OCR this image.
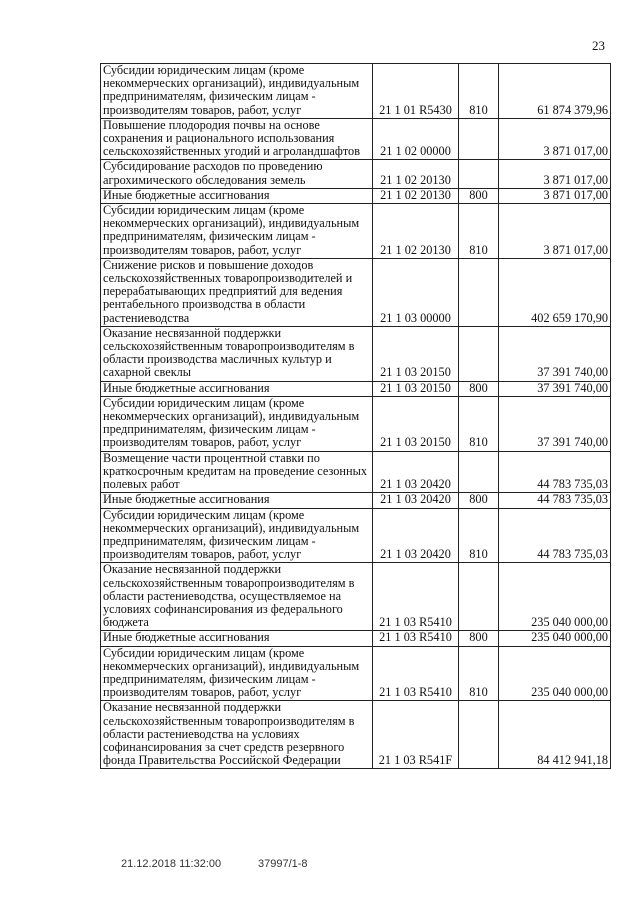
23
Субсидии юридическим лицам (кроме некоммерческих организаций), индивидуальным предпринимателям, физическим лицам - производителям товаров, работ, услуг	21 1 01 R5430	810	61 874 379,96
Повышение плодородия почвы на основе сохранения и рационального использования сельскохозяйственных угодий и агроландшафтов	21 1 02 00000		3 871 017,00
Субсидирование расходов по проведению агрохимического обследования земель	21 1 02 20130		3 871 017,00
Иные бюджетные ассигнования	21 1 02 20130	800	3 871 017,00
Субсидии юридическим лицам (кроме некоммерческих организаций), индивидуальным предпринимателям, физическим лицам - производителям товаров, работ, услуг	21 1 02 20130	810	3 871 017,00
Снижение рисков и повышение доходов сельскохозяйственных товаропроизводителей и перерабатывающих предприятий для ведения рентабельного производства в области растениеводства	21 1 03 00000		402 659 170,90
Оказание несвязанной поддержки сельскохозяйственным товаропроизводителям в области производства масличных культур и сахарной свеклы	21 1 03 20150		37 391 740,00
Иные бюджетные ассигнования	21 1 03 20150	800	37 391 740,00
Субсидии юридическим лицам (кроме некоммерческих организаций), индивидуальным предпринимателям, физическим лицам - производителям товаров, работ, услуг	21 1 03 20150	810	37 391 740,00
Возмещение части процентной ставки по краткосрочным кредитам на проведение сезонных полевых работ	21 1 03 20420		44 783 735,03
Иные бюджетные ассигнования	21 1 03 20420	800	44 783 735,03
Субсидии юридическим лицам (кроме некоммерческих организаций), индивидуальным предпринимателям, физическим лицам - производителям товаров, работ, услуг	21 1 03 20420	810	44 783 735,03
Оказание несвязанной поддержки сельскохозяйственным товаропроизводителям в области растениеводства, осуществляемое на условиях софинансирования из федерального бюджета	21 1 03 R5410		235 040 000,00
Иные бюджетные ассигнования	21 1 03 R5410	800	235 040 000,00
Субсидии юридическим лицам (кроме некоммерческих организаций), индивидуальным предпринимателям, физическим лицам - производителям товаров, работ, услуг	21 1 03 R5410	810	235 040 000,00
Оказание несвязанной поддержки сельскохозяйственным товаропроизводителям в области растениеводства на условиях софинансирования за счет средств резервного фонда Правительства Российской Федерации	21 1 03 R541F		84 412 941,18
21.12.2018 11:32:00	37997/1-8
